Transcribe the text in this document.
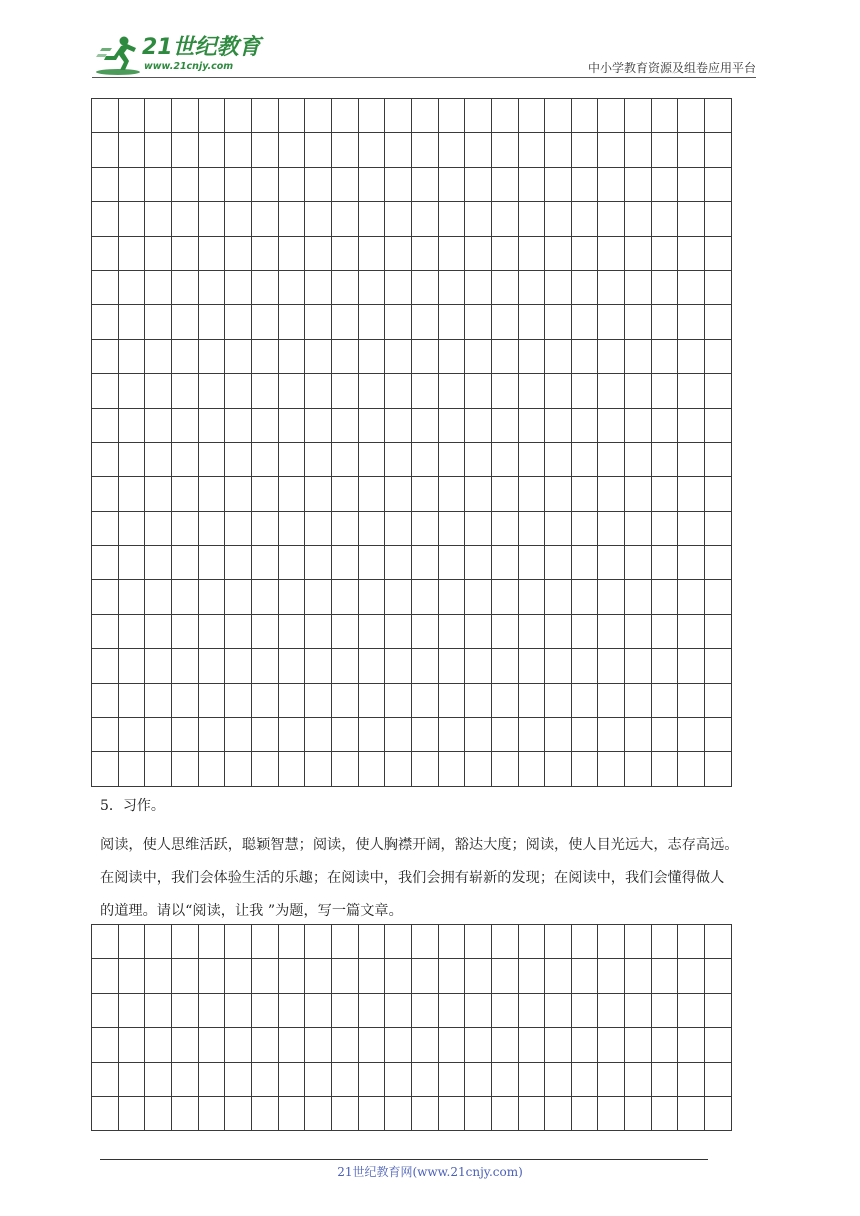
21世纪教育
www.21cnjy.com	中小学教育资源及组卷应用平台

5．习作。

阅读，使人思维活跃，聪颖智慧；阅读，使人胸襟开阔，豁达大度；阅读，使人目光远大，志存高远。
在阅读中，我们会体验生活的乐趣；在阅读中，我们会拥有崭新的发现；在阅读中，我们会懂得做人
的道理。请以“阅读，让我 ”为题，写一篇文章。

21世纪教育网(www.21cnjy.com)
